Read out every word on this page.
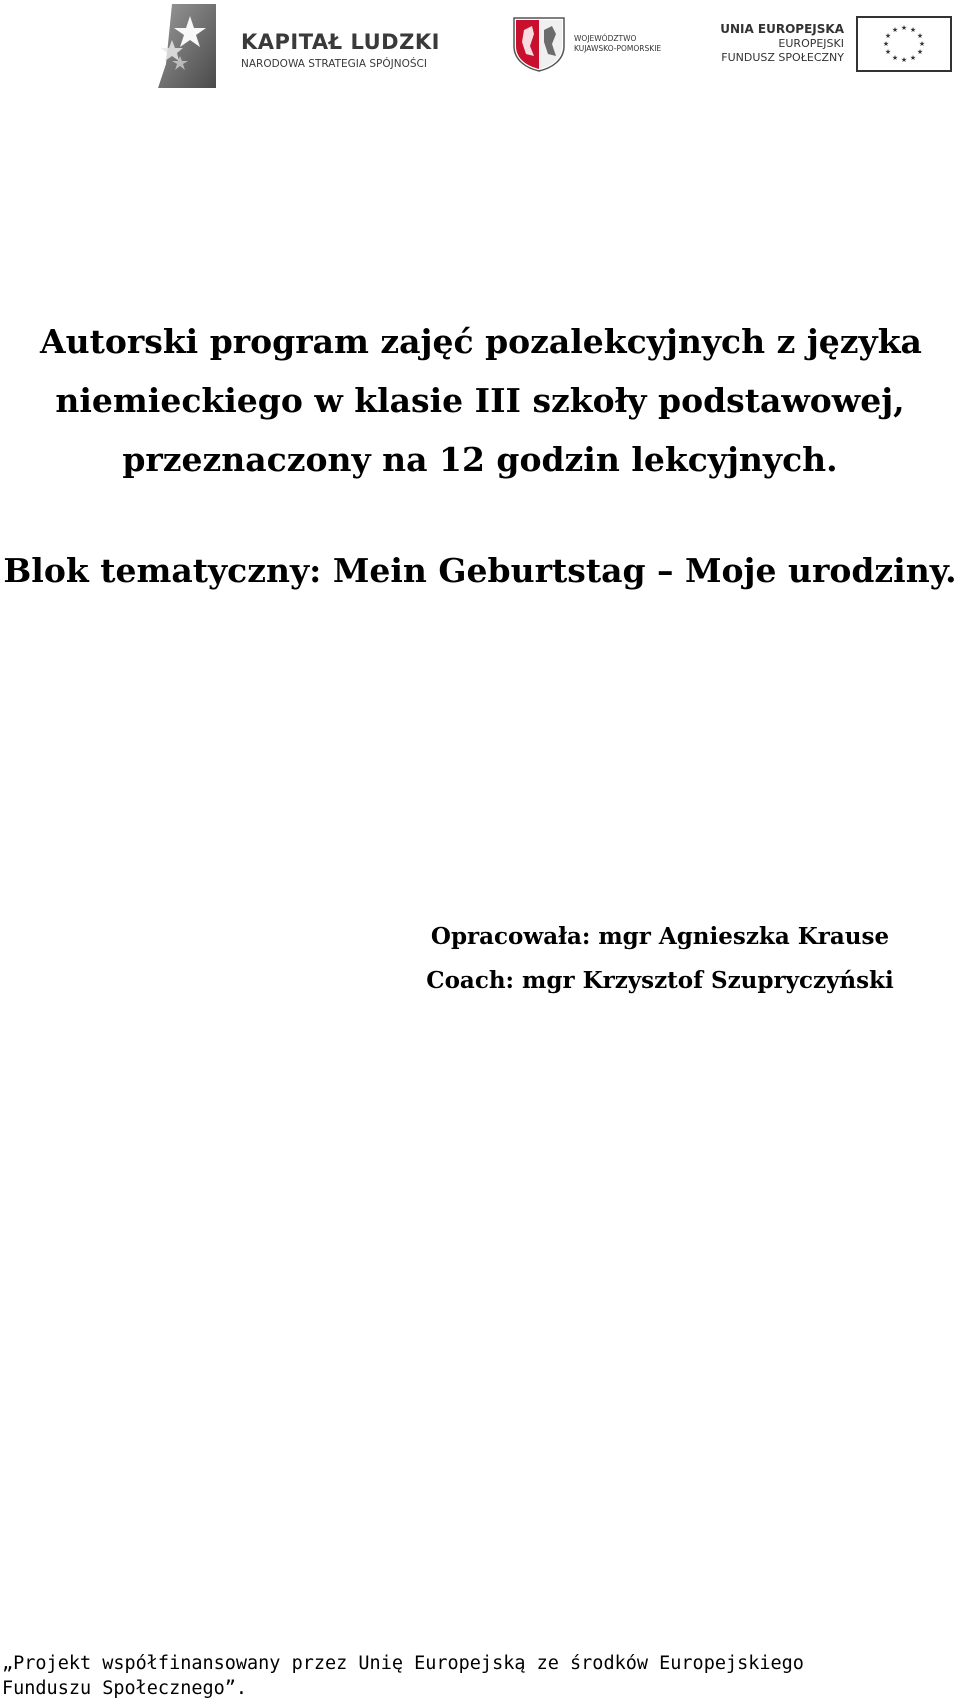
KAPITAŁ LUDZKI
NARODOWA STRATEGIA SPÓJNOŚCI
WOJEWÓDZTWO
KUJAWSKO-POMORSKIE
UNIA EUROPEJSKA
EUROPEJSKI
FUNDUSZ SPOŁECZNY
★ ★
★
★
★
★
★
★
★
★
★
★
Autorski program zajęć pozalekcyjnych z języka
niemieckiego w klasie III szkoły podstawowej,
przeznaczony na 12 godzin lekcyjnych.
Blok tematyczny: Mein Geburtstag – Moje urodziny.
Opracowała: mgr Agnieszka Krause
Coach: mgr Krzysztof Szupryczyński
„Projekt współfinansowany przez Unię Europejską ze środków Europejskiego
Funduszu Społecznego”.
